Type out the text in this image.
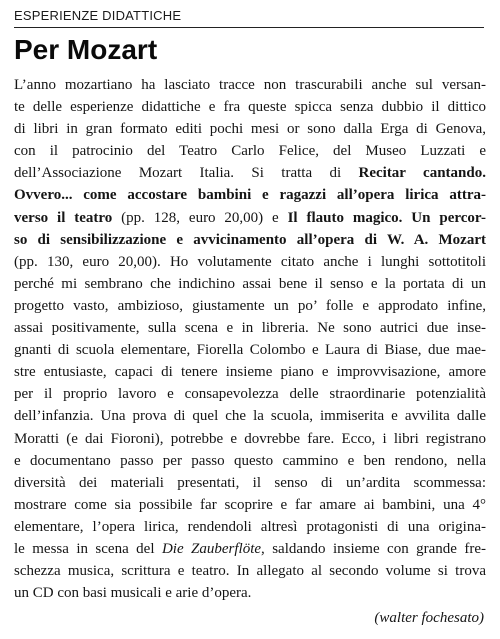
ESPERIENZE DIDATTICHE
Per Mozart
L’anno mozartiano ha lasciato tracce non trascurabili anche sul versan-
te delle esperienze didattiche e fra queste spicca senza dubbio il dittico
di libri in gran formato editi pochi mesi or sono dalla Erga di Genova,
con il patrocinio del Teatro Carlo Felice, del Museo Luzzati e
dell’Associazione Mozart Italia. Si tratta di Recitar cantando.
Ovvero... come accostare bambini e ragazzi all’opera lirica attra-
verso il teatro (pp. 128, euro 20,00) e Il flauto magico. Un percor-
so di sensibilizzazione e avvicinamento all’opera di W. A. Mozart
(pp. 130, euro 20,00). Ho volutamente citato anche i lunghi sottotitoli
perché mi sembrano che indichino assai bene il senso e la portata di un
progetto vasto, ambizioso, giustamente un po’ folle e approdato infine,
assai positivamente, sulla scena e in libreria. Ne sono autrici due inse-
gnanti di scuola elementare, Fiorella Colombo e Laura di Biase, due mae-
stre entusiaste, capaci di tenere insieme piano e improvvisazione, amore
per il proprio lavoro e consapevolezza delle straordinarie potenzialità
dell’infanzia. Una prova di quel che la scuola, immiserita e avvilita dalle
Moratti (e dai Fioroni), potrebbe e dovrebbe fare. Ecco, i libri registrano
e documentano passo per passo questo cammino e ben rendono, nella
diversità dei materiali presentati, il senso di un’ardita scommessa:
mostrare come sia possibile far scoprire e far amare ai bambini, una 4°
elementare, l’opera lirica, rendendoli altresì protagonisti di una origina-
le messa in scena del Die Zauberflöte, saldando insieme con grande fre-
schezza musica, scrittura e teatro. In allegato al secondo volume si trova
un CD con basi musicali e arie d’opera.
(walter fochesato)
